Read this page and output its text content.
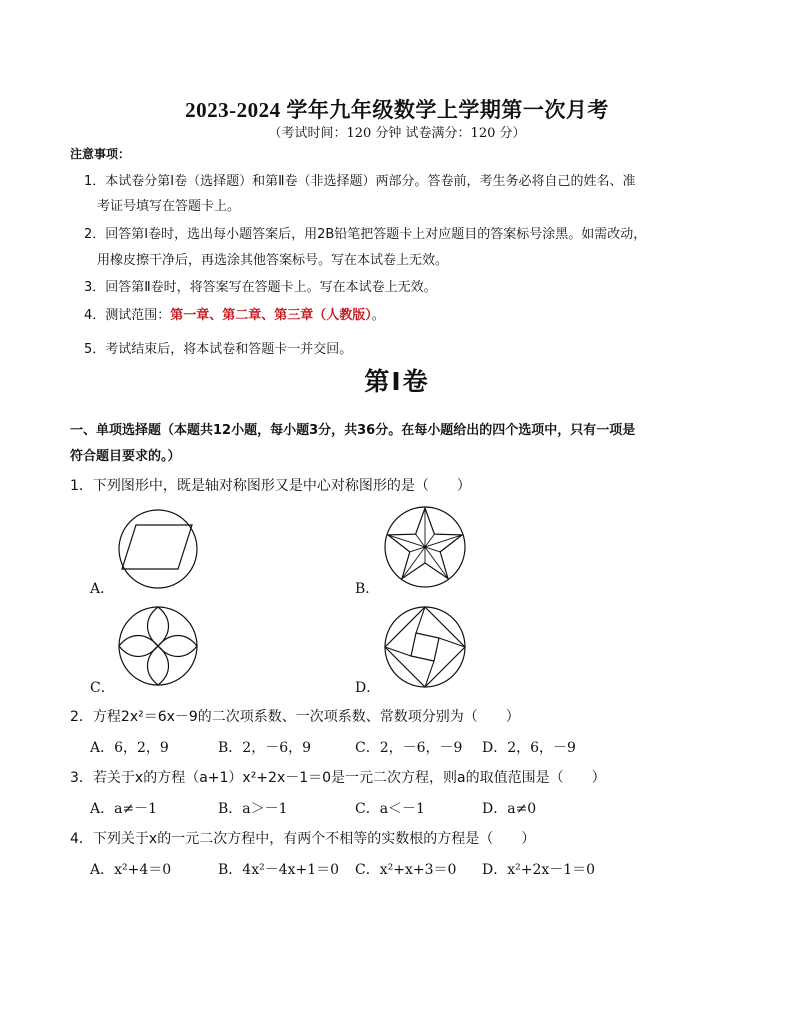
2023-2024 学年九年级数学上学期第一次月考
（考试时间：120 分钟 试卷满分：120 分）
注意事项：
1．本试卷分第Ⅰ卷（选择题）和第Ⅱ卷（非选择题）两部分。答卷前，考生务必将自己的姓名、准
考证号填写在答题卡上。
2．回答第Ⅰ卷时，选出每小题答案后，用2B铅笔把答题卡上对应题目的答案标号涂黑。如需改动，
用橡皮擦干净后，再选涂其他答案标号。写在本试卷上无效。
3．回答第Ⅱ卷时，将答案写在答题卡上。写在本试卷上无效。
4．测试范围：第一章、第二章、第三章（人教版）。
5．考试结束后，将本试卷和答题卡一并交回。
第Ⅰ卷
一、单项选择题（本题共12小题，每小题3分，共36分。在每小题给出的四个选项中，只有一项是
符合题目要求的。）
1．下列图形中，既是轴对称图形又是中心对称图形的是（　　）
A．	B．
C．	D．
2．方程2x²＝6x－9的二次项系数、一次项系数、常数项分别为（　　）
A．6，2，9	B．2，－6，9	C．2，－6，－9 D．2，6，－9
3．若关于x的方程（a+1）x²+2x－1＝0是一元二次方程，则a的取值范围是（　　）
A．a≠－1	B．a＞－1	C．a＜－1	D．a≠0
4．下列关于x的一元二次方程中，有两个不相等的实数根的方程是（　　）
A．x²+4＝0	B．4x²－4x+1＝0 C．x²+x+3＝0 D．x²+2x－1＝0
